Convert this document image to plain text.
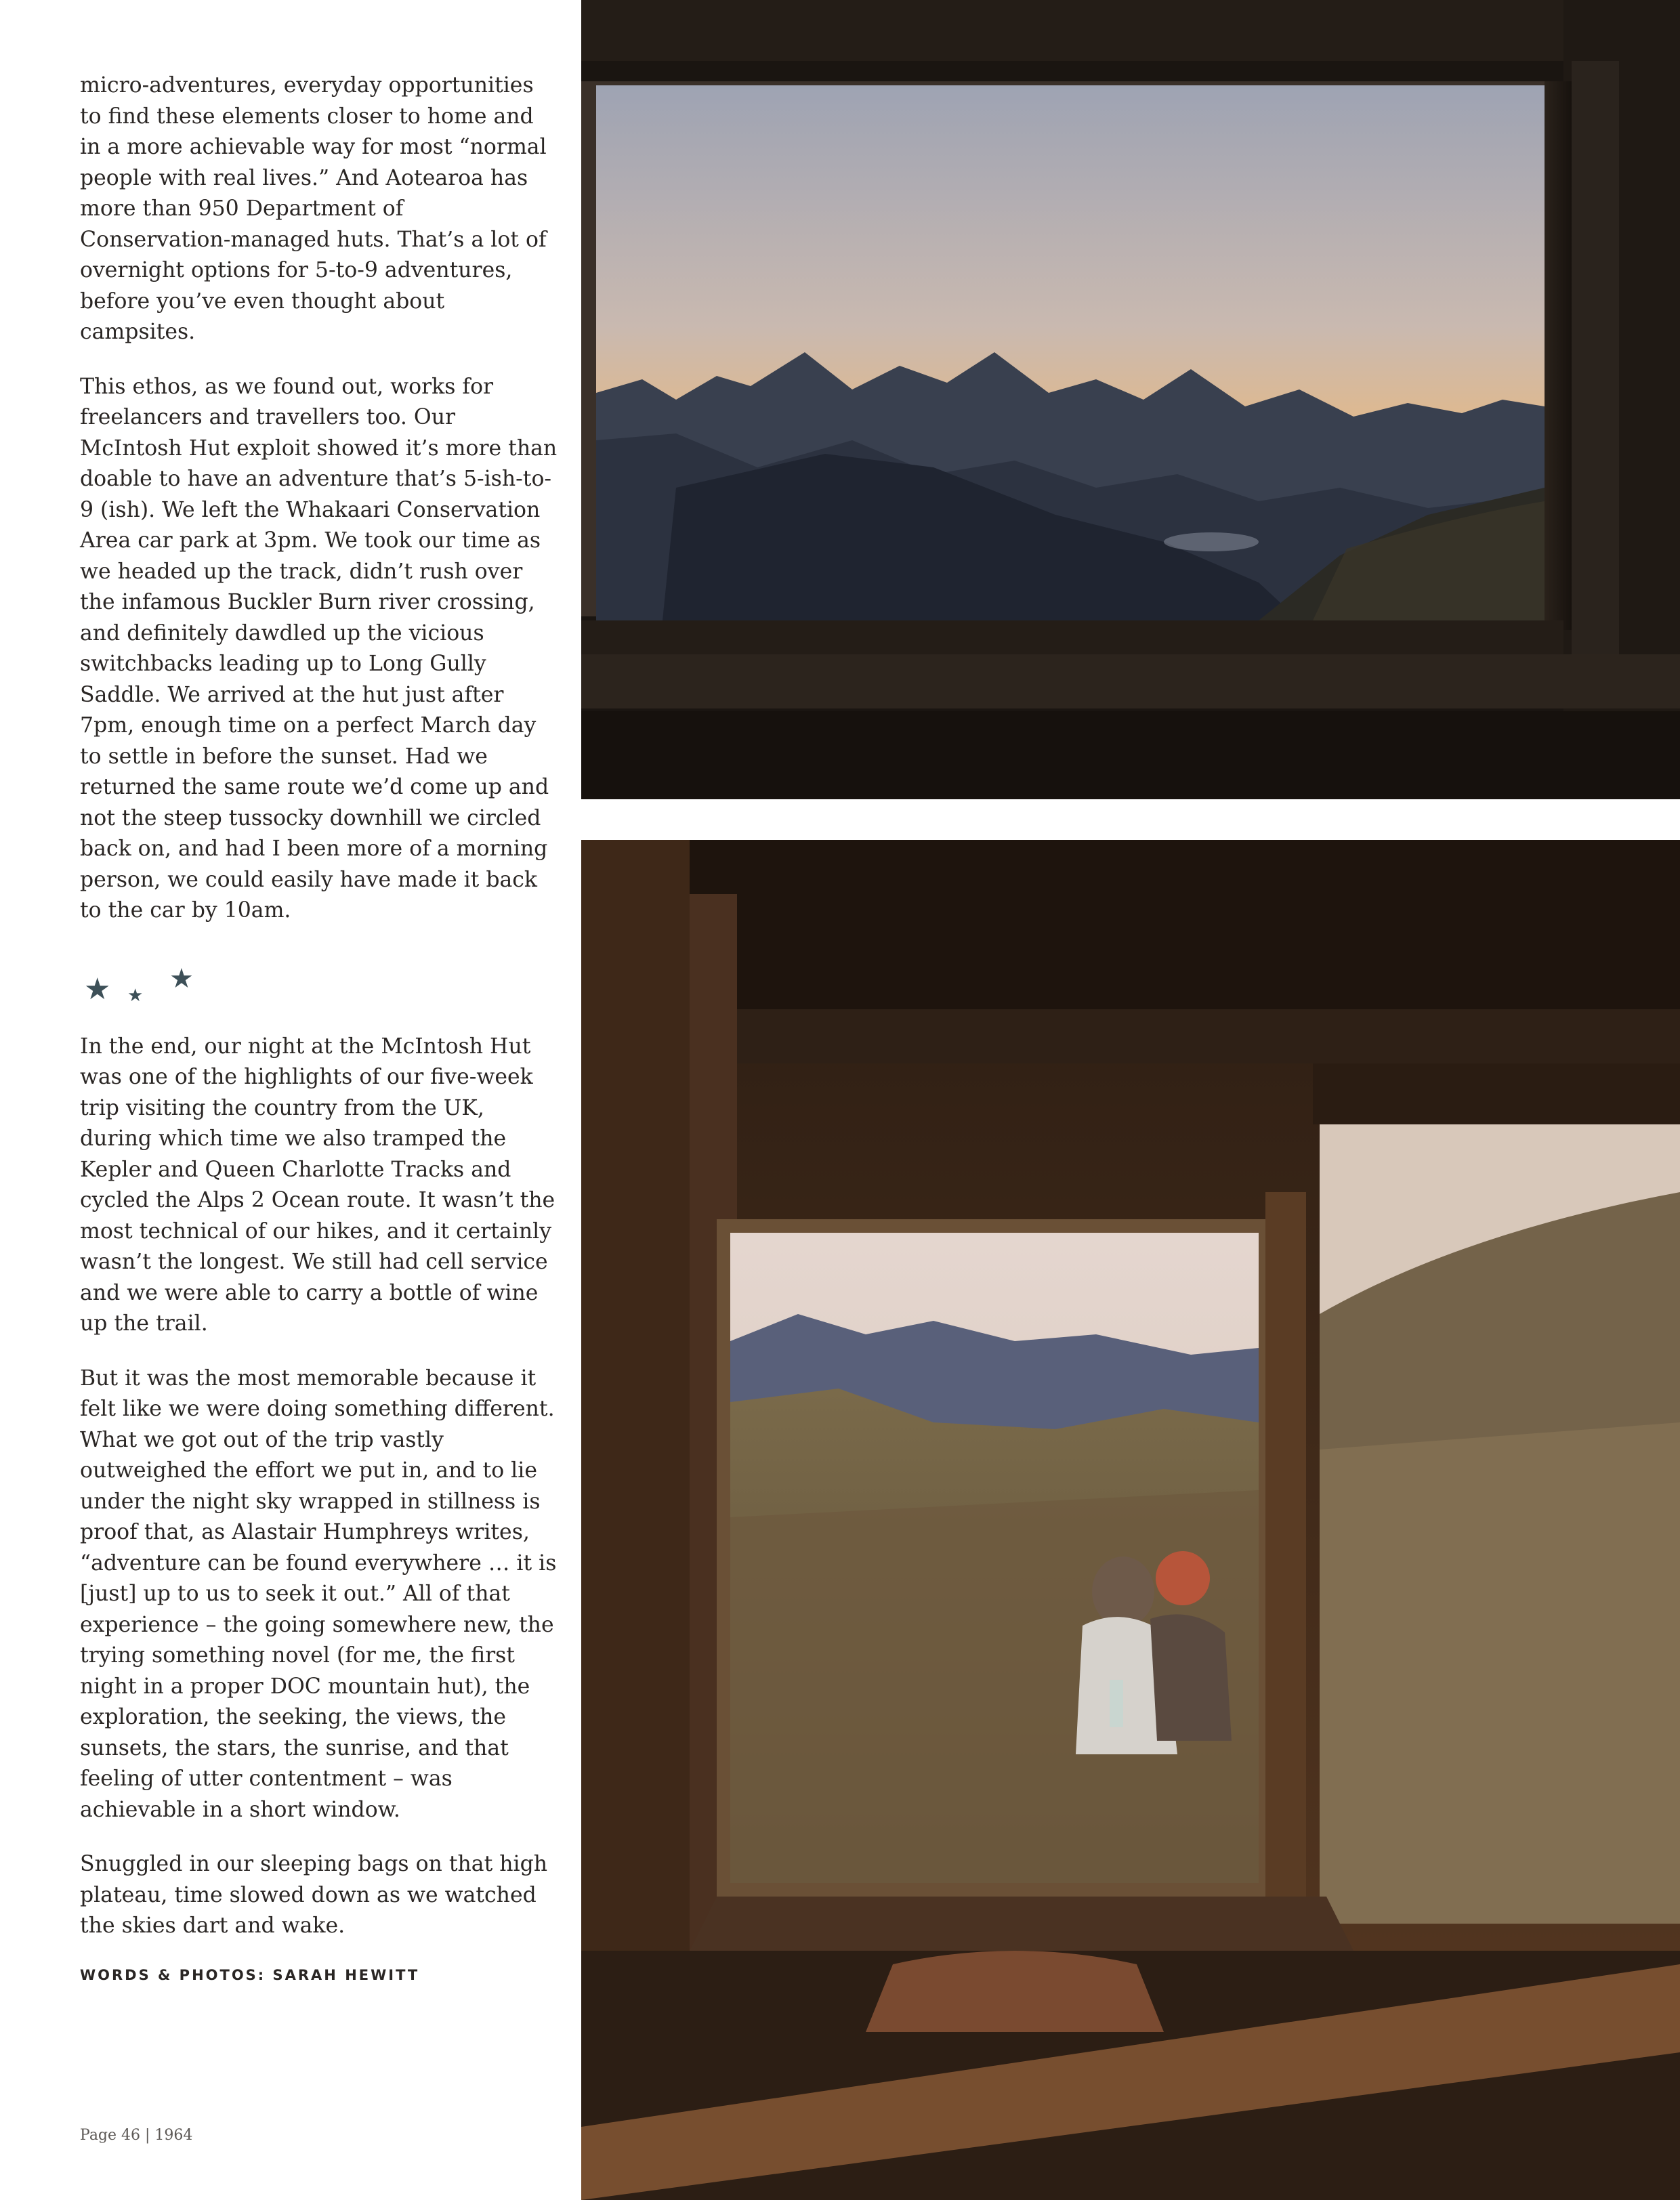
micro-adventures, everyday opportunities to find these elements closer to home and in a more achievable way for most “normal people with real lives.” And Aotearoa has more than 950 Department of Conservation-managed huts. That’s a lot of overnight options for 5-to-9 adventures, before you’ve even thought about campsites.

This ethos, as we found out, works for freelancers and travellers too. Our McIntosh Hut exploit showed it’s more than doable to have an adventure that’s 5-ish-to-9 (ish). We left the Whakaari Conservation Area car park at 3pm. We took our time as we headed up the track, didn’t rush over the infamous Buckler Burn river crossing, and definitely dawdled up the vicious switchbacks leading up to Long Gully Saddle. We arrived at the hut just after 7pm, enough time on a perfect March day to settle in before the sunset. Had we returned the same route we’d come up and not the steep tussocky downhill we circled back on, and had I been more of a morning person, we could easily have made it back to the car by 10am.

★ ★
★

In the end, our night at the McIntosh Hut was one of the highlights of our five-week trip visiting the country from the UK, during which time we also tramped the Kepler and Queen Charlotte Tracks and cycled the Alps 2 Ocean route. It wasn’t the most technical of our hikes, and it certainly wasn’t the longest. We still had cell service and we were able to carry a bottle of wine up the trail.

But it was the most memorable because it felt like we were doing something different. What we got out of the trip vastly outweighed the effort we put in, and to lie under the night sky wrapped in stillness is proof that, as Alastair Humphreys writes, “adventure can be found everywhere … it is [just] up to us to seek it out.” All of that experience – the going somewhere new, the trying something novel (for me, the first night in a proper DOC mountain hut), the exploration, the seeking, the views, the sunsets, the stars, the sunrise, and that feeling of utter contentment – was achievable in a short window.

Snuggled in our sleeping bags on that high plateau, time slowed down as we watched the skies dart and wake.

WORDS & PHOTOS: SARAH HEWITT
Page 46 | 1964
